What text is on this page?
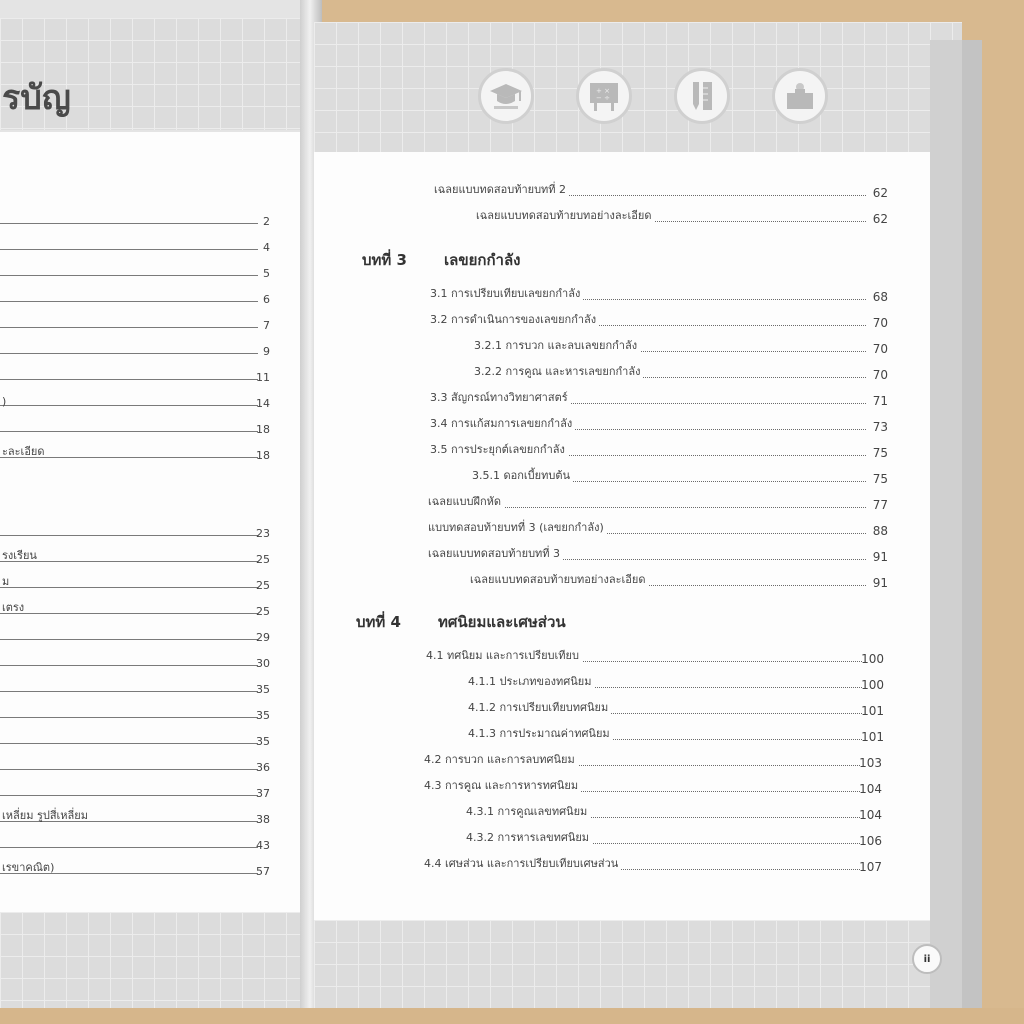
รบัญ
2
4
5
6
7
9
11
)	14
18
ะละเอียด	18
23
รงเรียน	25
ม	25
เตรง	25
29
30
35
35
35
36
37
เหลี่ยม รูปสี่เหลี่ยม	38
43
เรขาคณิต)	57
+ ×
− ÷
เฉลยแบบทดสอบท้ายบทที่ 2	62
เฉลยแบบทดสอบท้ายบทอย่างละเอียด	62
บทที่ 3 เลขยกกำลัง
3.1 การเปรียบเทียบเลขยกกำลัง	68
3.2 การดำเนินการของเลขยกกำลัง	70
3.2.1 การบวก และลบเลขยกกำลัง	70
3.2.2 การคูณ และหารเลขยกกำลัง	70
3.3 สัญกรณ์ทางวิทยาศาสตร์	71
3.4 การแก้สมการเลขยกกำลัง	73
3.5 การประยุกต์เลขยกกำลัง	75
3.5.1 ดอกเบี้ยทบต้น	75
เฉลยแบบฝึกหัด	77
แบบทดสอบท้ายบทที่ 3 (เลขยกกำลัง)	88
เฉลยแบบทดสอบท้ายบทที่ 3	91
เฉลยแบบทดสอบท้ายบทอย่างละเอียด	91
บทที่ 4 ทศนิยมและเศษส่วน
4.1 ทศนิยม และการเปรียบเทียบ	100
4.1.1 ประเภทของทศนิยม	100
4.1.2 การเปรียบเทียบทศนิยม	101
4.1.3 การประมาณค่าทศนิยม	101
4.2 การบวก และการลบทศนิยม	103
4.3 การคูณ และการหารทศนิยม	104
4.3.1 การคูณเลขทศนิยม	104
4.3.2 การหารเลขทศนิยม	106
4.4 เศษส่วน และการเปรียบเทียบเศษส่วน	107
ii
